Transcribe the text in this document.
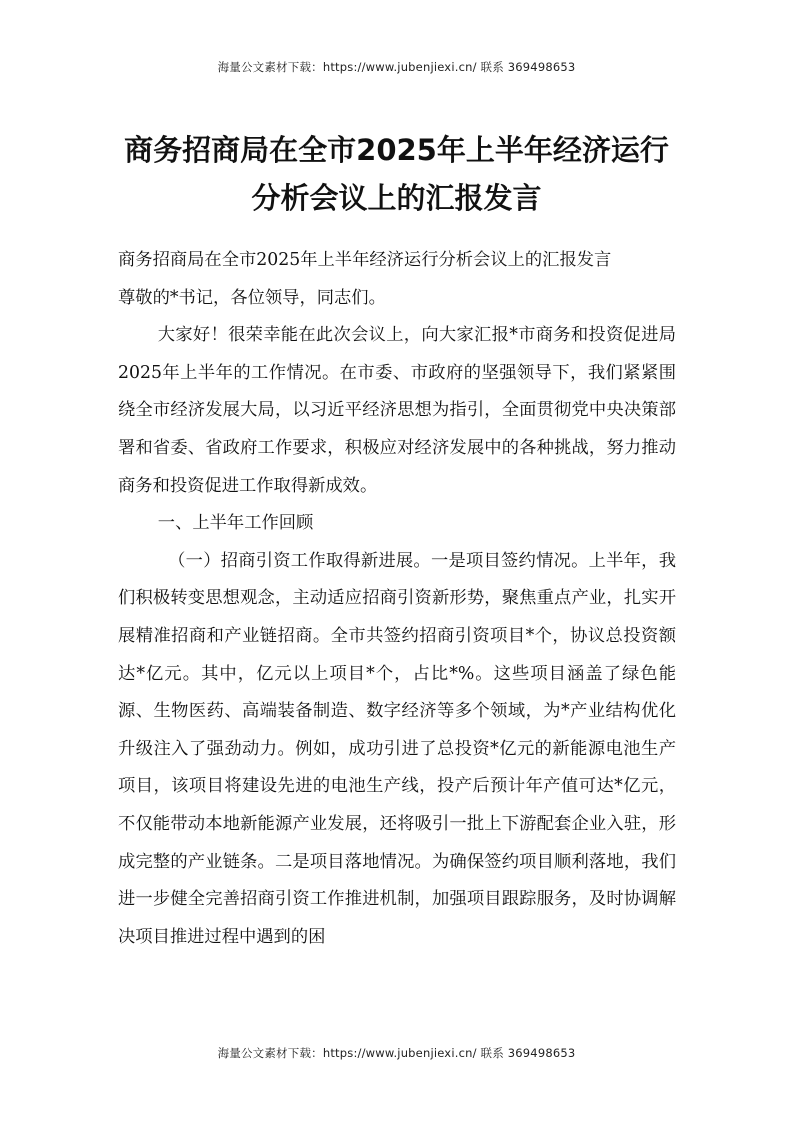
海量公文素材下载：https://www.jubenjiexi.cn/ 联系 369498653
商务招商局在全市2025年上半年经济运行
分析会议上的汇报发言

商务招商局在全市2025年上半年经济运行分析会议上的汇报发言

尊敬的*书记，各位领导，同志们。

大家好！很荣幸能在此次会议上，向大家汇报*市商务和投资促进局2025年上半年的工作情况。在市委、市政府的坚强领导下，我们紧紧围绕全市经济发展大局，以习近平经济思想为指引，全面贯彻党中央决策部署和省委、省政府工作要求，积极应对经济发展中的各种挑战，努力推动商务和投资促进工作取得新成效。

一、上半年工作回顾

（一）招商引资工作取得新进展。一是项目签约情况。上半年，我们积极转变思想观念，主动适应招商引资新形势，聚焦重点产业，扎实开展精准招商和产业链招商。全市共签约招商引资项目*个，协议总投资额达*亿元。其中，亿元以上项目*个，占比*%。这些项目涵盖了绿色能源、生物医药、高端装备制造、数字经济等多个领域，为*产业结构优化升级注入了强劲动力。例如，成功引进了总投资*亿元的新能源电池生产项目，该项目将建设先进的电池生产线，投产后预计年产值可达*亿元，不仅能带动本地新能源产业发展，还将吸引一批上下游配套企业入驻，形成完整的产业链条。二是项目落地情况。为确保签约项目顺利落地，我们进一步健全完善招商引资工作推进机制，加强项目跟踪服务，及时协调解决项目推进过程中遇到的困

海量公文素材下载：https://www.jubenjiexi.cn/ 联系 369498653
